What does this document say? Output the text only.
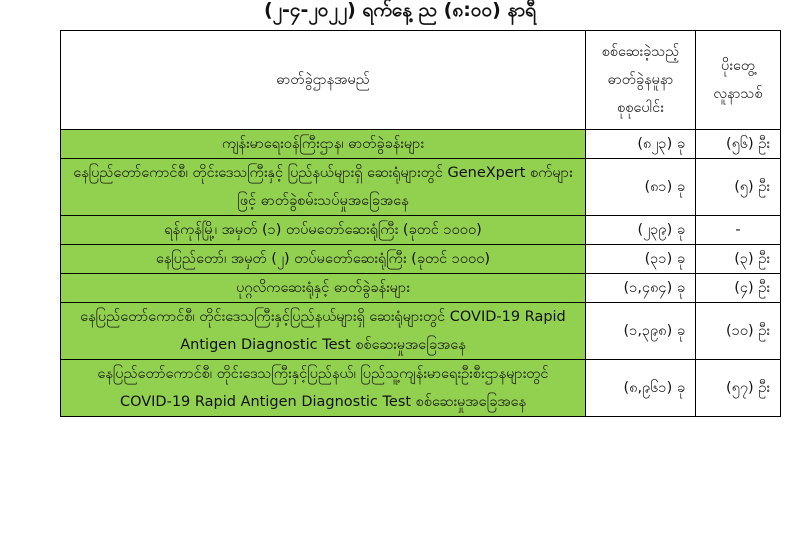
(၂-၄-၂၀၂၂) ရက်နေ့ ည (၈:၀၀) နာရီ
ဓာတ်ခွဲဌာနအမည်	စစ်ဆေးခဲ့သည့် ဓာတ်ခွဲနမူနာ စုစုပေါင်း	ပိုးတွေ့ လူနာသစ်
ကျန်းမာရေးဝန်ကြီးဌာန၊ ဓာတ်ခွဲခန်းများ	(၈၂၃) ခု	(၅၆) ဦး
နေပြည်တော်ကောင်စီ၊ တိုင်းဒေသကြီးနှင့် ပြည်နယ်များရှိ ဆေးရုံများတွင် GeneXpert စက်များဖြင့် ဓာတ်ခွဲစမ်းသပ်မှုအခြေအနေ	(၈၁) ခု	(၅) ဦး
ရန်ကုန်မြို့၊ အမှတ် (၁) တပ်မတော်ဆေးရုံကြီး (ခုတင် ၁၀၀၀)	(၂၃၉) ခု	-
နေပြည်တော်၊ အမှတ် (၂) တပ်မတော်ဆေးရုံကြီး (ခုတင် ၁၀၀၀)	(၃၁) ခု	(၃) ဦး
ပုဂ္ဂလိကဆေးရုံနှင့် ဓာတ်ခွဲခန်းများ	(၁,၄၈၄) ခု	(၄) ဦး
နေပြည်တော်ကောင်စီ၊ တိုင်းဒေသကြီးနှင့်ပြည်နယ်များရှိ ဆေးရုံများတွင် COVID-19 Rapid Antigen Diagnostic Test စစ်ဆေးမှုအခြေအနေ	(၁,၃၉၈) ခု	(၁၀) ဦး
နေပြည်တော်ကောင်စီ၊ တိုင်းဒေသကြီးနှင့်ပြည်နယ်၊ ပြည်သူ့ကျန်းမာရေးဦးစီးဌာနများတွင် COVID-19 Rapid Antigen Diagnostic Test စစ်ဆေးမှုအခြေအနေ	(၈,၉၆၁) ခု	(၅၇) ဦး
